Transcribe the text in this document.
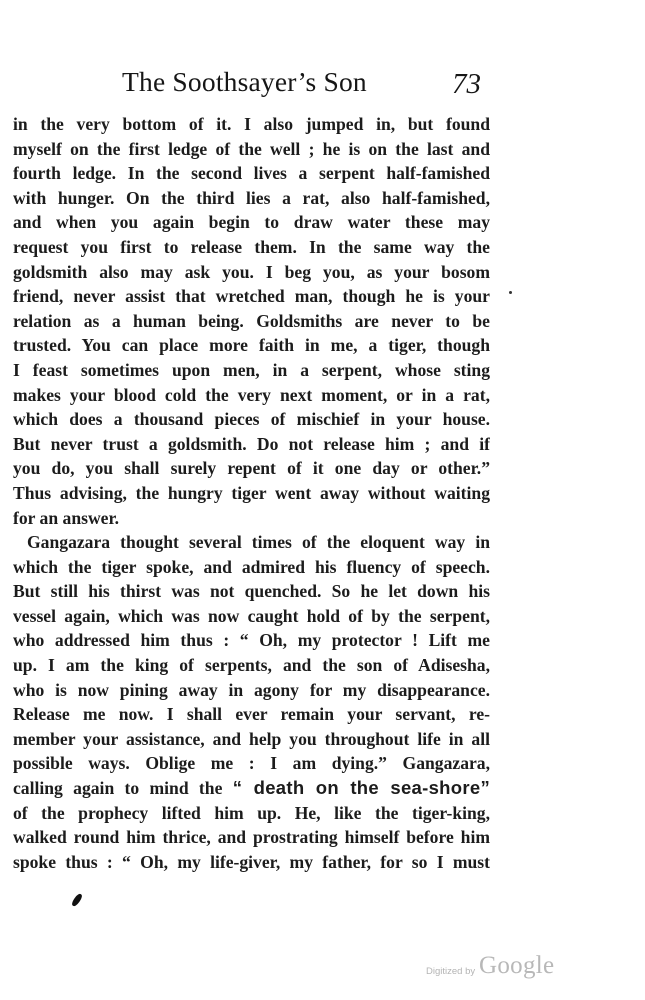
The Soothsayer’s Son	73
in the very bottom of it. I also jumped in, but found
myself on the first ledge of the well ; he is on the last and
fourth ledge. In the second lives a serpent half-famished
with hunger. On the third lies a rat, also half-famished,
and when you again begin to draw water these may
request you first to release them. In the same way the
goldsmith also may ask you. I beg you, as your bosom
friend, never assist that wretched man, though he is your
relation as a human being. Goldsmiths are never to be
trusted. You can place more faith in me, a tiger, though
I feast sometimes upon men, in a serpent, whose sting
makes your blood cold the very next moment, or in a rat,
which does a thousand pieces of mischief in your house.
But never trust a goldsmith. Do not release him ; and if
you do, you shall surely repent of it one day or other.”
Thus advising, the hungry tiger went away without waiting
for an answer.
Gangazara thought several times of the eloquent way in
which the tiger spoke, and admired his fluency of speech.
But still his thirst was not quenched. So he let down his
vessel again, which was now caught hold of by the serpent,
who addressed him thus : “ Oh, my protector ! Lift me
up. I am the king of serpents, and the son of Adisesha,
who is now pining away in agony for my disappearance.
Release me now. I shall ever remain your servant, re-
member your assistance, and help you throughout life in all
possible ways. Oblige me : I am dying.” Gangazara,
calling again to mind the “ death on the sea-shore”
of the prophecy lifted him up. He, like the tiger-king,
walked round him thrice, and prostrating himself before him
spoke thus : “ Oh, my life-giver, my father, for so I must
Digitized by Google
